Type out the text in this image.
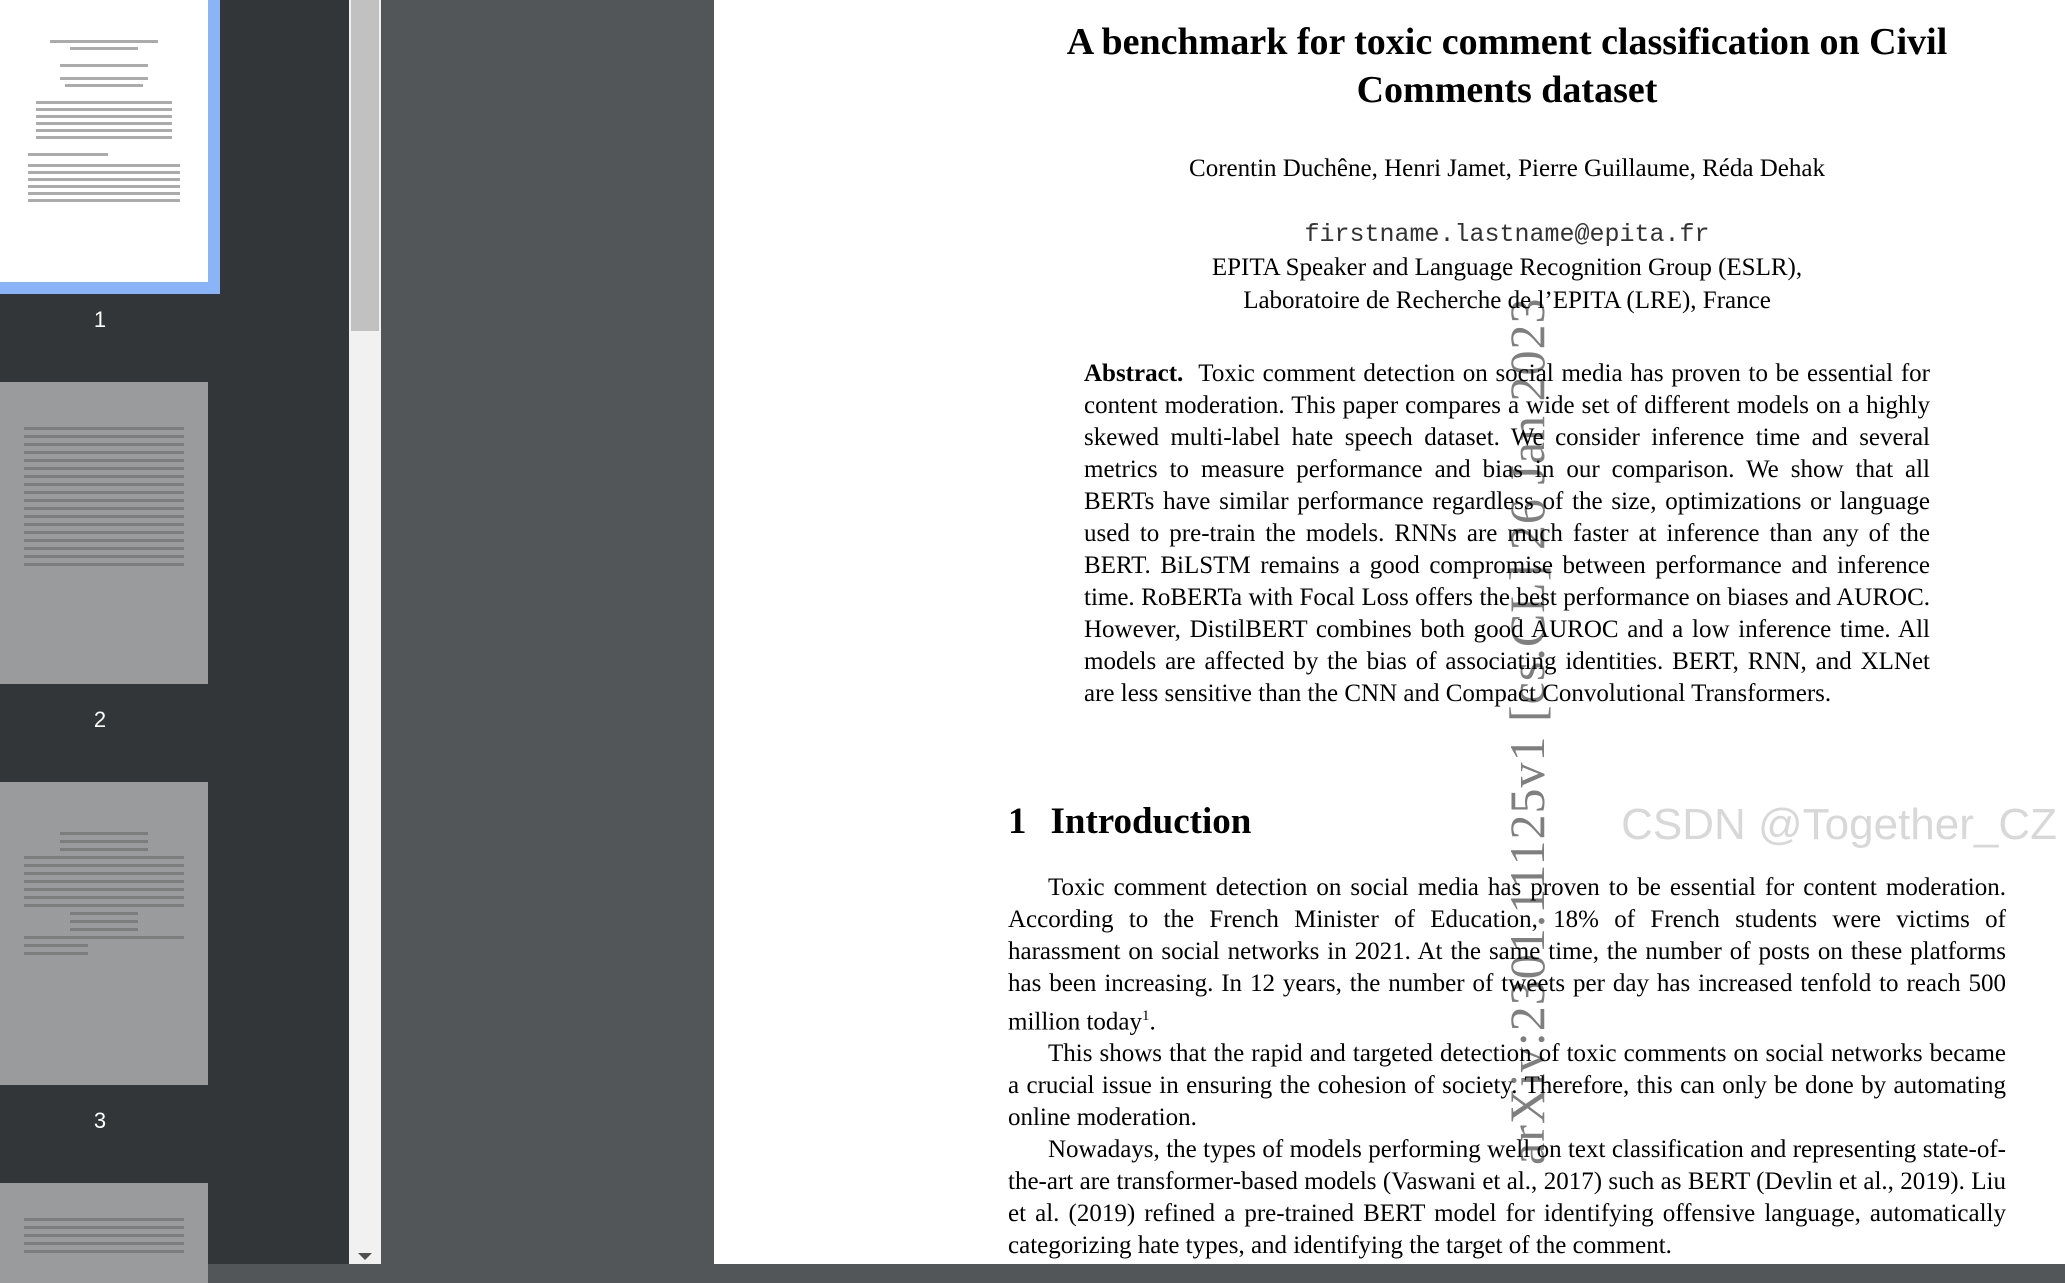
1
2
3	arXiv:2301.11125v1 [cs.CL] 26 Jan 2023
A benchmark for toxic comment classification on Civil Comments dataset
Corentin Duchêne, Henri Jamet, Pierre Guillaume, Réda Dehak
firstname.lastname@epita.fr
EPITA Speaker and Language Recognition Group (ESLR),
Laboratoire de Recherche de l’EPITA (LRE), France
Abstract. Toxic comment detection on social media has proven to be essential for content moderation. This paper compares a wide set of different models on a highly skewed multi-label hate speech dataset. We consider inference time and several metrics to measure performance and bias in our comparison. We show that all BERTs have similar performance regardless of the size, optimizations or language used to pre-train the models. RNNs are much faster at inference than any of the BERT. BiLSTM remains a good compromise between performance and inference time. RoBERTa with Focal Loss offers the best performance on biases and AUROC. However, DistilBERT combines both good AUROC and a low inference time. All models are affected by the bias of associating identities. BERT, RNN, and XLNet are less sensitive than the CNN and Compact Convolutional Transformers.
1 Introduction

Toxic comment detection on social media has proven to be essential for content moderation. According to the French Minister of Education, 18% of French students were victims of harassment on social networks in 2021. At the same time, the number of posts on these platforms has been increasing. In 12 years, the number of tweets per day has increased tenfold to reach 500 million today$^1$.

This shows that the rapid and targeted detection of toxic comments on social networks became a crucial issue in ensuring the cohesion of society. Therefore, this can only be done by automating online moderation.

Nowadays, the types of models performing well on text classification and representing state-of-the-art are transformer-based models (Vaswani et al., 2017) such as BERT (Devlin et al., 2019). Liu et al. (2019) refined a pre-trained BERT model for identifying offensive language, automatically categorizing hate types, and identifying the target of the comment.

CSDN @Together_CZ
